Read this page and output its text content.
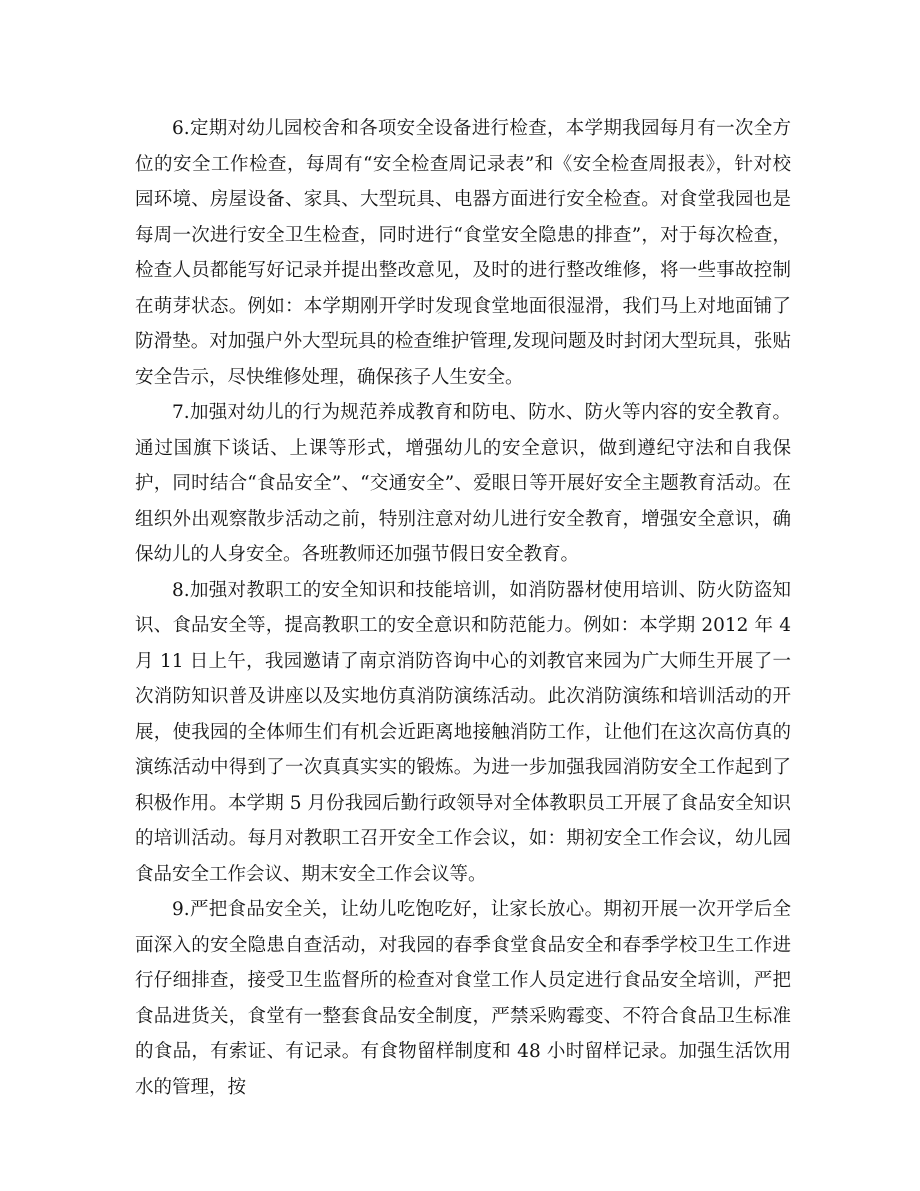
6.定期对幼儿园校舍和各项安全设备进行检查，本学期我园每月有一次全方位的安全工作检查，每周有“安全检查周记录表”和《安全检查周报表》，针对校园环境、房屋设备、家具、大型玩具、电器方面进行安全检查。对食堂我园也是每周一次进行安全卫生检查，同时进行“食堂安全隐患的排查”，对于每次检查，检查人员都能写好记录并提出整改意见，及时的进行整改维修，将一些事故控制在萌芽状态。例如：本学期刚开学时发现食堂地面很湿滑，我们马上对地面铺了防滑垫。对加强户外大型玩具的检查维护管理,发现问题及时封闭大型玩具，张贴安全告示，尽快维修处理，确保孩子人生安全。

7.加强对幼儿的行为规范养成教育和防电、防水、防火等内容的安全教育。通过国旗下谈话、上课等形式，增强幼儿的安全意识，做到遵纪守法和自我保护，同时结合“食品安全”、“交通安全”、爱眼日等开展好安全主题教育活动。在组织外出观察散步活动之前，特别注意对幼儿进行安全教育，增强安全意识，确保幼儿的人身安全。各班教师还加强节假日安全教育。

8.加强对教职工的安全知识和技能培训，如消防器材使用培训、防火防盗知识、食品安全等，提高教职工的安全意识和防范能力。例如：本学期 2012 年 4 月 11 日上午，我园邀请了南京消防咨询中心的刘教官来园为广大师生开展了一次消防知识普及讲座以及实地仿真消防演练活动。此次消防演练和培训活动的开展，使我园的全体师生们有机会近距离地接触消防工作，让他们在这次高仿真的演练活动中得到了一次真真实实的锻炼。为进一步加强我园消防安全工作起到了积极作用。本学期 5 月份我园后勤行政领导对全体教职员工开展了食品安全知识的培训活动。每月对教职工召开安全工作会议，如：期初安全工作会议，幼儿园食品安全工作会议、期末安全工作会议等。

9.严把食品安全关，让幼儿吃饱吃好，让家长放心。期初开展一次开学后全面深入的安全隐患自查活动，对我园的春季食堂食品安全和春季学校卫生工作进行仔细排查，接受卫生监督所的检查对食堂工作人员定进行食品安全培训，严把食品进货关，食堂有一整套食品安全制度，严禁采购霉变、不符合食品卫生标准的食品，有索证、有记录。有食物留样制度和 48 小时留样记录。加强生活饮用水的管理，按
